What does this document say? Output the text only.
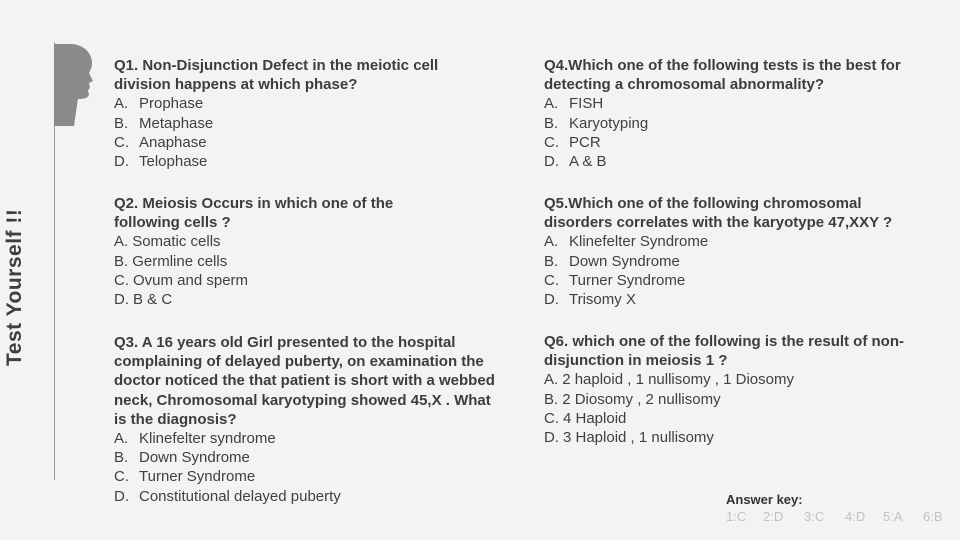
Test Yourself !!
Q1. Non-Disjunction Defect in the meiotic cell division happens at which phase?
A. Prophase
B. Metaphase
C. Anaphase
D. Telophase
Q2. Meiosis Occurs in which one of the following cells ?
A. Somatic cells
B. Germline cells
C. Ovum and sperm
D. B & C
Q3. A 16 years old Girl presented to the hospital complaining of delayed puberty, on examination the doctor noticed the that patient is short with a webbed neck, Chromosomal karyotyping showed 45,X . What is the diagnosis?
A. Klinefelter syndrome
B. Down Syndrome
C. Turner Syndrome
D. Constitutional delayed puberty
Q4.Which one of the following tests is the best for detecting a chromosomal abnormality?
A. FISH
B. Karyotyping
C. PCR
D. A & B
Q5.Which one of the following chromosomal disorders correlates with the karyotype 47,XXY ?
A. Klinefelter Syndrome
B. Down Syndrome
C. Turner Syndrome
D. Trisomy X
Q6. which one of the following is the result of non-disjunction in meiosis 1 ?
A. 2 haploid , 1 nullisomy , 1 Diosomy
B. 2 Diosomy , 2 nullisomy
C. 4 Haploid
D. 3 Haploid , 1 nullisomy
Answer key:
1:C 2:D 3:C 4:D 5:A 6:B
